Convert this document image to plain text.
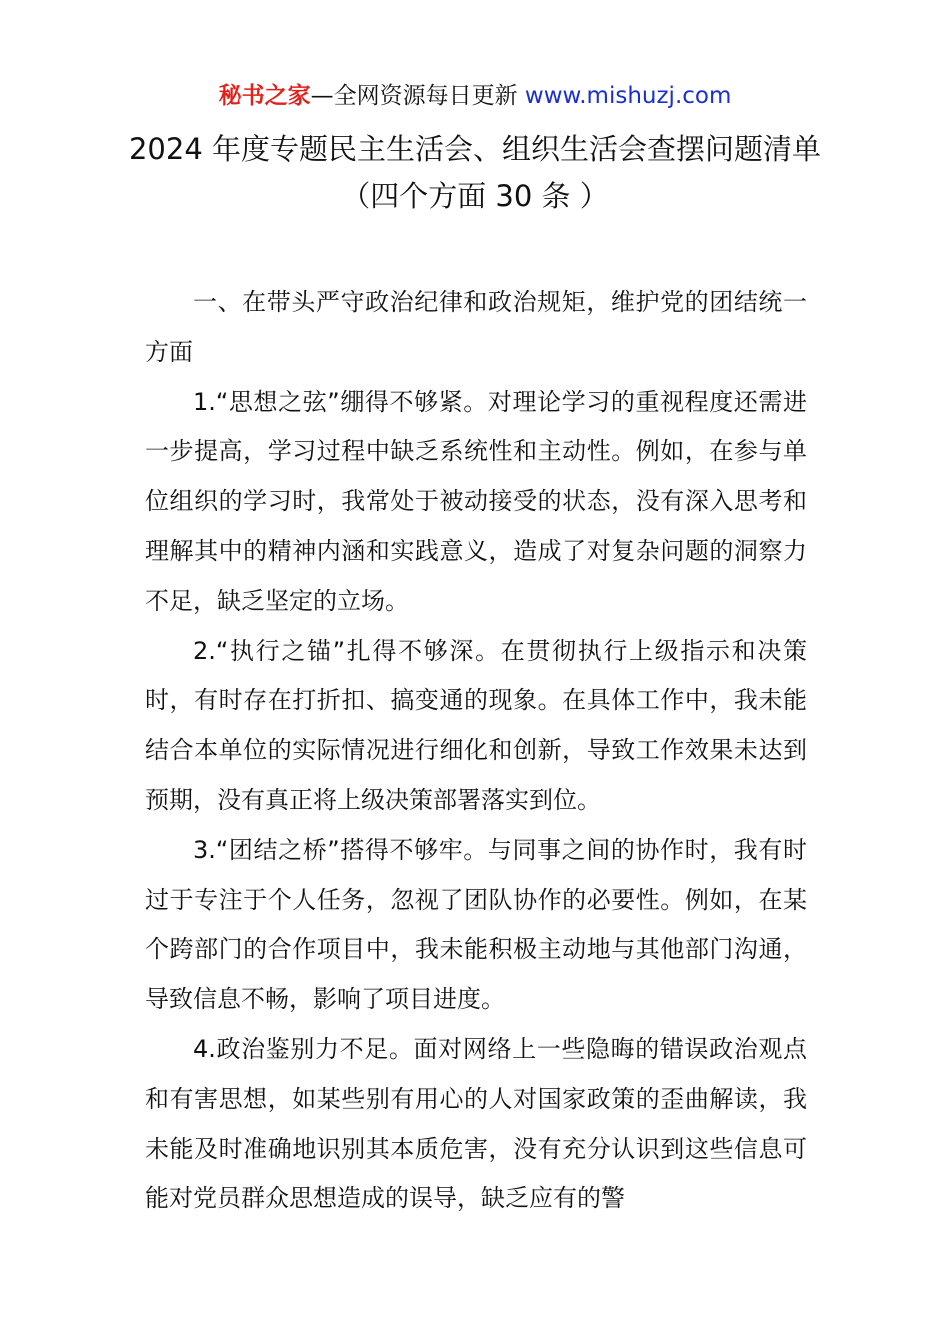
秘书之家—全网资源每日更新 www.mishuzj.com
2024 年度专题民主生活会、组织生活会查摆问题清单（四个方面 30 条 ）

一、在带头严守政治纪律和政治规矩，维护党的团结统一方面

1.“思想之弦”绷得不够紧。对理论学习的重视程度还需进一步提高，学习过程中缺乏系统性和主动性。例如，在参与单位组织的学习时，我常处于被动接受的状态，没有深入思考和理解其中的精神内涵和实践意义，造成了对复杂问题的洞察力不足，缺乏坚定的立场。

2.“执行之锚”扎得不够深。在贯彻执行上级指示和决策时，有时存在打折扣、搞变通的现象。在具体工作中，我未能结合本单位的实际情况进行细化和创新，导致工作效果未达到预期，没有真正将上级决策部署落实到位。

3.“团结之桥”搭得不够牢。与同事之间的协作时，我有时过于专注于个人任务，忽视了团队协作的必要性。例如，在某个跨部门的合作项目中，我未能积极主动地与其他部门沟通，导致信息不畅，影响了项目进度。

4.政治鉴别力不足。面对网络上一些隐晦的错误政治观点和有害思想，如某些别有用心的人对国家政策的歪曲解读，我未能及时准确地识别其本质危害，没有充分认识到这些信息可能对党员群众思想造成的误导，缺乏应有的警
